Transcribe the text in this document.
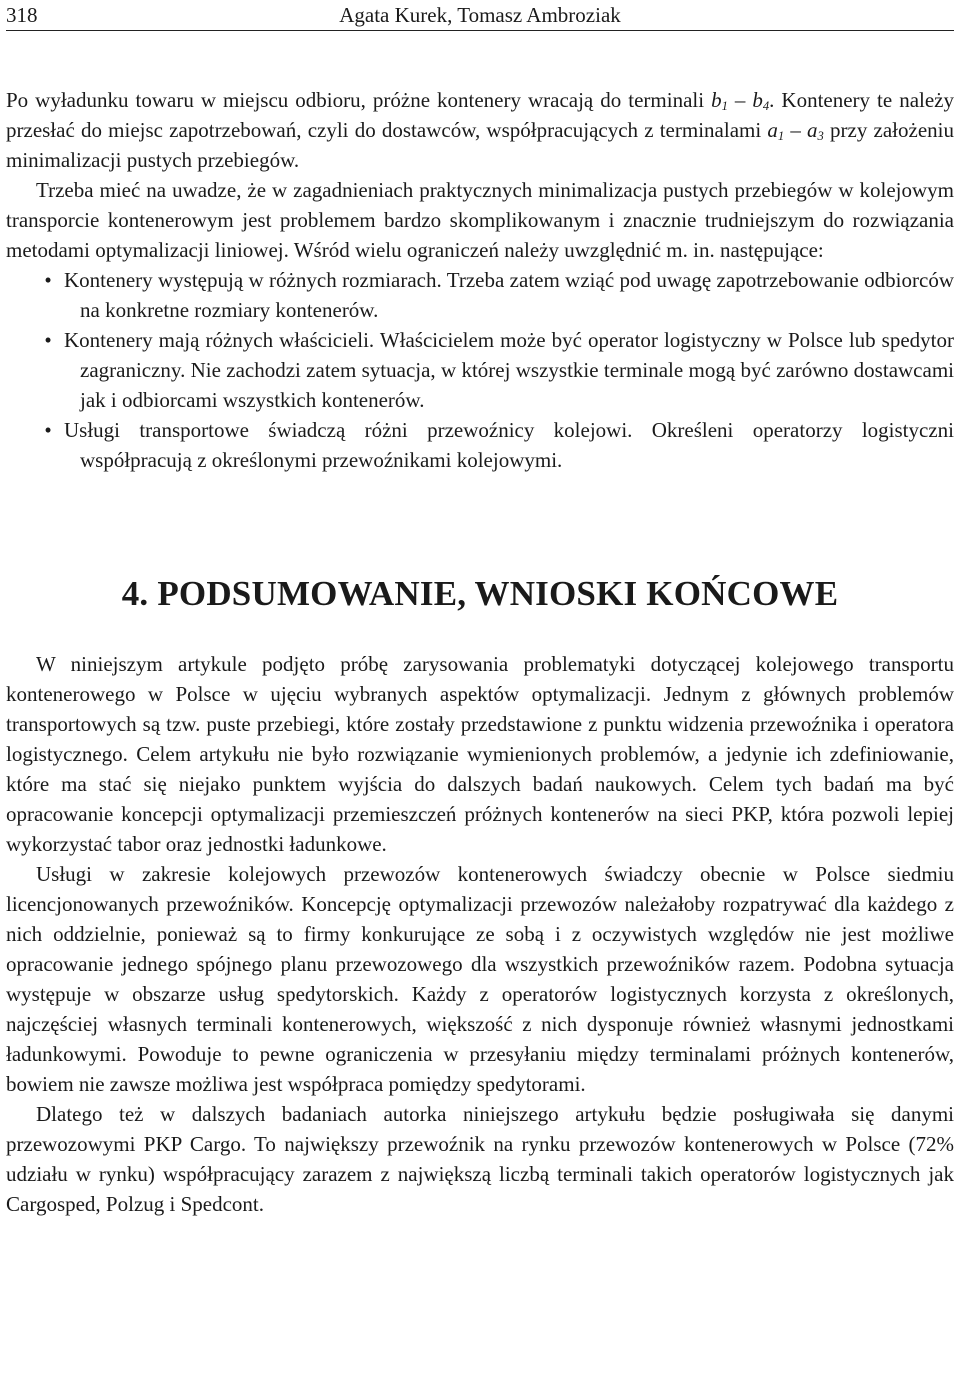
318	Agata Kurek, Tomasz Ambroziak

Po wyładunku towaru w miejscu odbioru, próżne kontenery wracają do terminali $b_1 - b_4$. Kontenery te należy przesłać do miejsc zapotrzebowań, czyli do dostawców, współpracujących z terminalami $a_1 - a_3$ przy założeniu minimalizacji pustych przebiegów.

Trzeba mieć na uwadze, że w zagadnieniach praktycznych minimalizacja pustych przebiegów w kolejowym transporcie kontenerowym jest problemem bardzo skomplikowanym i znacznie trudniejszym do rozwiązania metodami optymalizacji liniowej. Wśród wielu ograniczeń należy uwzględnić m. in. następujące:

• Kontenery występują w różnych rozmiarach. Trzeba zatem wziąć pod uwagę zapotrzebowanie odbiorców na konkretne rozmiary kontenerów.
• Kontenery mają różnych właścicieli. Właścicielem może być operator logistyczny w Polsce lub spedytor zagraniczny. Nie zachodzi zatem sytuacja, w której wszystkie terminale mogą być zarówno dostawcami jak i odbiorcami wszystkich kontenerów.
• Usługi transportowe świadczą różni przewoźnicy kolejowi. Określeni operatorzy logistyczni współpracują z określonymi przewoźnikami kolejowymi.
4. PODSUMOWANIE, WNIOSKI KOŃCOWE

W niniejszym artykule podjęto próbę zarysowania problematyki dotyczącej kolejowego transportu kontenerowego w Polsce w ujęciu wybranych aspektów optymalizacji. Jednym z głównych problemów transportowych są tzw. puste przebiegi, które zostały przedstawione z punktu widzenia przewoźnika i operatora logistycznego. Celem artykułu nie było rozwiązanie wymienionych problemów, a jedynie ich zdefiniowanie, które ma stać się niejako punktem wyjścia do dalszych badań naukowych. Celem tych badań ma być opracowanie koncepcji optymalizacji przemieszczeń próżnych kontenerów na sieci PKP, która pozwoli lepiej wykorzystać tabor oraz jednostki ładunkowe.

Usługi w zakresie kolejowych przewozów kontenerowych świadczy obecnie w Polsce siedmiu licencjonowanych przewoźników. Koncepcję optymalizacji przewozów należałoby rozpatrywać dla każdego z nich oddzielnie, ponieważ są to firmy konkurujące ze sobą i z oczywistych względów nie jest możliwe opracowanie jednego spójnego planu przewozowego dla wszystkich przewoźników razem. Podobna sytuacja występuje w obszarze usług spedytorskich. Każdy z operatorów logistycznych korzysta z określonych, najczęściej własnych terminali kontenerowych, większość z nich dysponuje również własnymi jednostkami ładunkowymi. Powoduje to pewne ograniczenia w przesyłaniu między terminalami próżnych kontenerów, bowiem nie zawsze możliwa jest współpraca pomiędzy spedytorami.

Dlatego też w dalszych badaniach autorka niniejszego artykułu będzie posługiwała się danymi przewozowymi PKP Cargo. To największy przewoźnik na rynku przewozów kontenerowych w Polsce (72% udziału w rynku) współpracujący zarazem z największą liczbą terminali takich operatorów logistycznych jak Cargosped, Polzug i Spedcont.
